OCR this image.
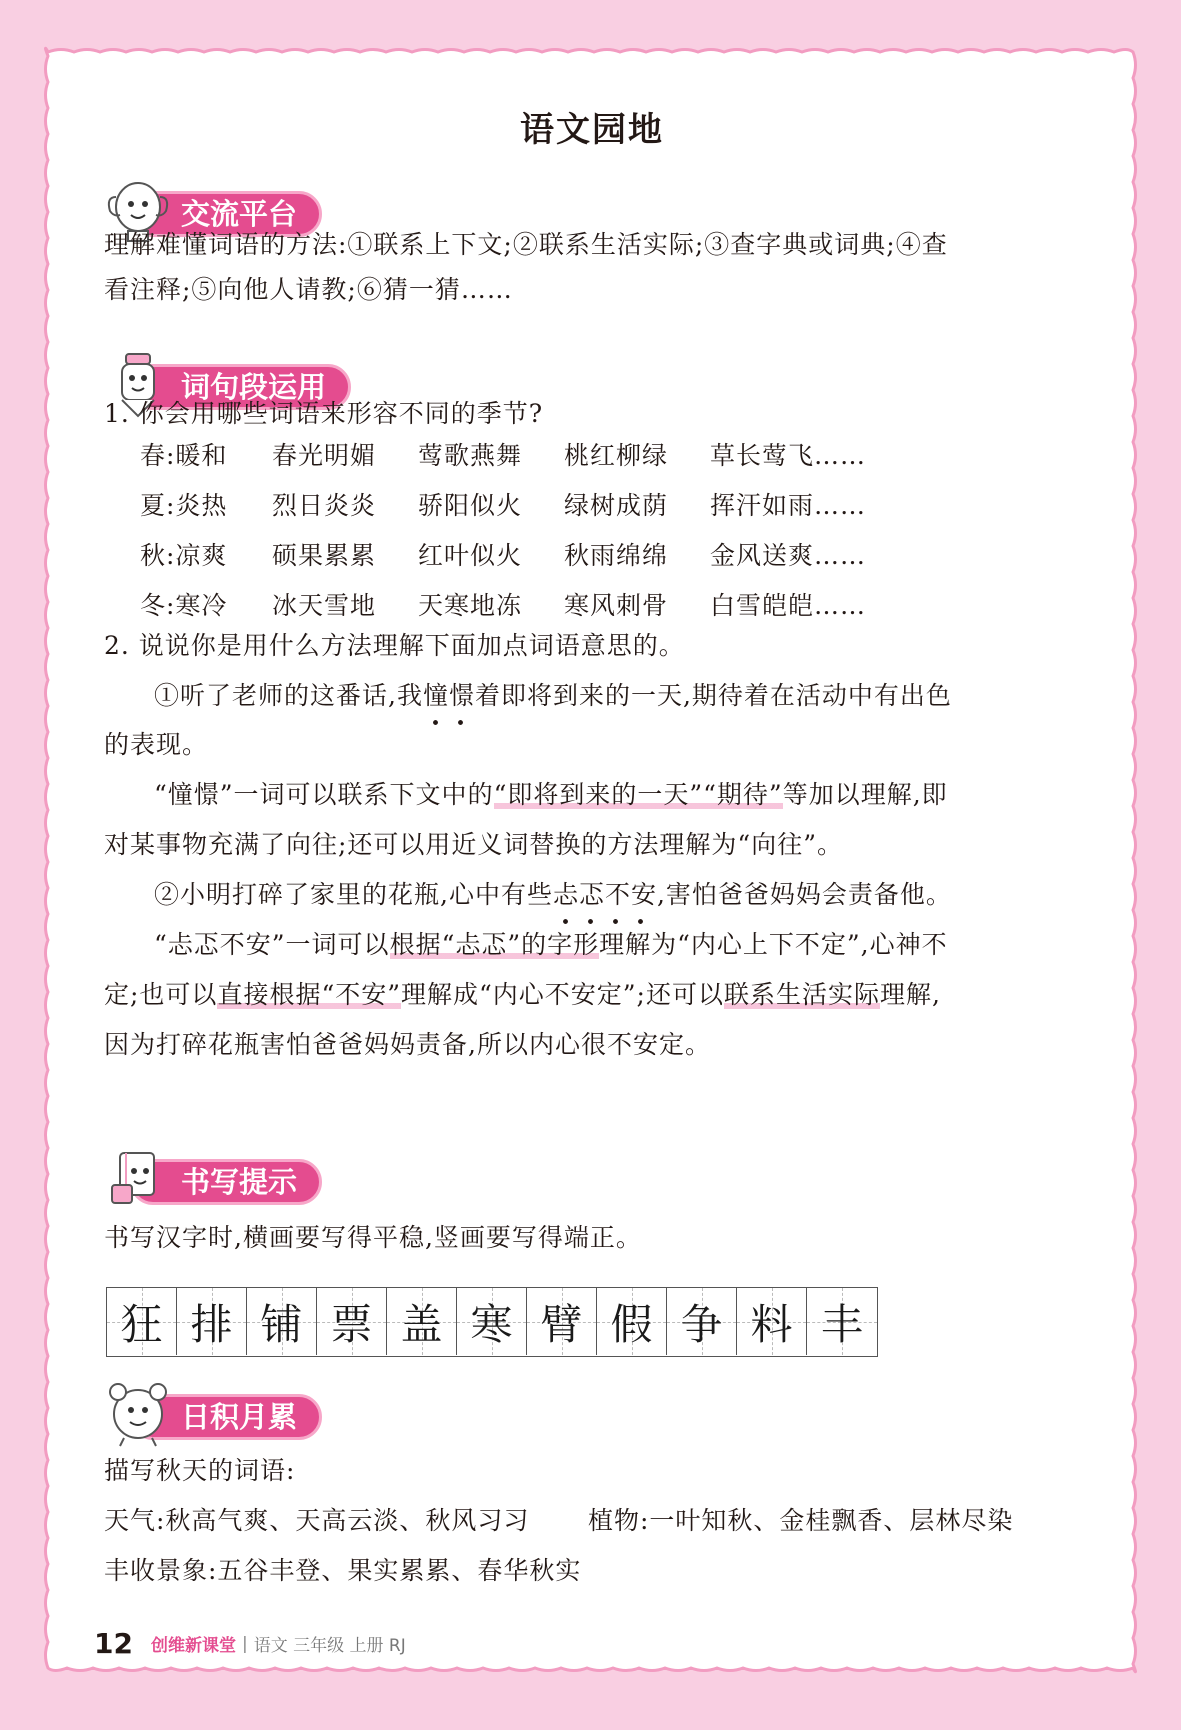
语文园地
交流平台
理解难懂词语的方法:①联系上下文;②联系生活实际;③查字典或词典;④查
看注释;⑤向他人请教;⑥猜一猜……
词句段运用
1. 你会用哪些词语来形容不同的季节?
春:暖和 春光明媚 莺歌燕舞 桃红柳绿 草长莺飞……
夏:炎热 烈日炎炎 骄阳似火 绿树成荫 挥汗如雨……
秋:凉爽 硕果累累 红叶似火 秋雨绵绵 金风送爽……
冬:寒冷 冰天雪地 天寒地冻 寒风刺骨 白雪皑皑……
2. 说说你是用什么方法理解下面加点词语意思的。
①听了老师的这番话,我憧憬着即将到来的一天,期待着在活动中有出色
的表现。
“憧憬”一词可以联系下文中的“即将到来的一天”“期待”等加以理解,即
对某事物充满了向往;还可以用近义词替换的方法理解为“向往”。
②小明打碎了家里的花瓶,心中有些忐忑不安,害怕爸爸妈妈会责备他。
“忐忑不安”一词可以根据“忐忑”的字形理解为“内心上下不定”,心神不
定;也可以直接根据“不安”理解成“内心不安定”;还可以联系生活实际理解,
因为打碎花瓶害怕爸爸妈妈责备,所以内心很不安定。
书写提示
书写汉字时,横画要写得平稳,竖画要写得端正。
狂 排 铺 票 盖 寒 臂 假 争 料 丰
日积月累
描写秋天的词语:
天气:秋高气爽、天高云淡、秋风习习	植物:一叶知秋、金桂飘香、层林尽染
丰收景象:五谷丰登、果实累累、春华秋实
12 创维新课堂 | 语文 三年级 上册 RJ
